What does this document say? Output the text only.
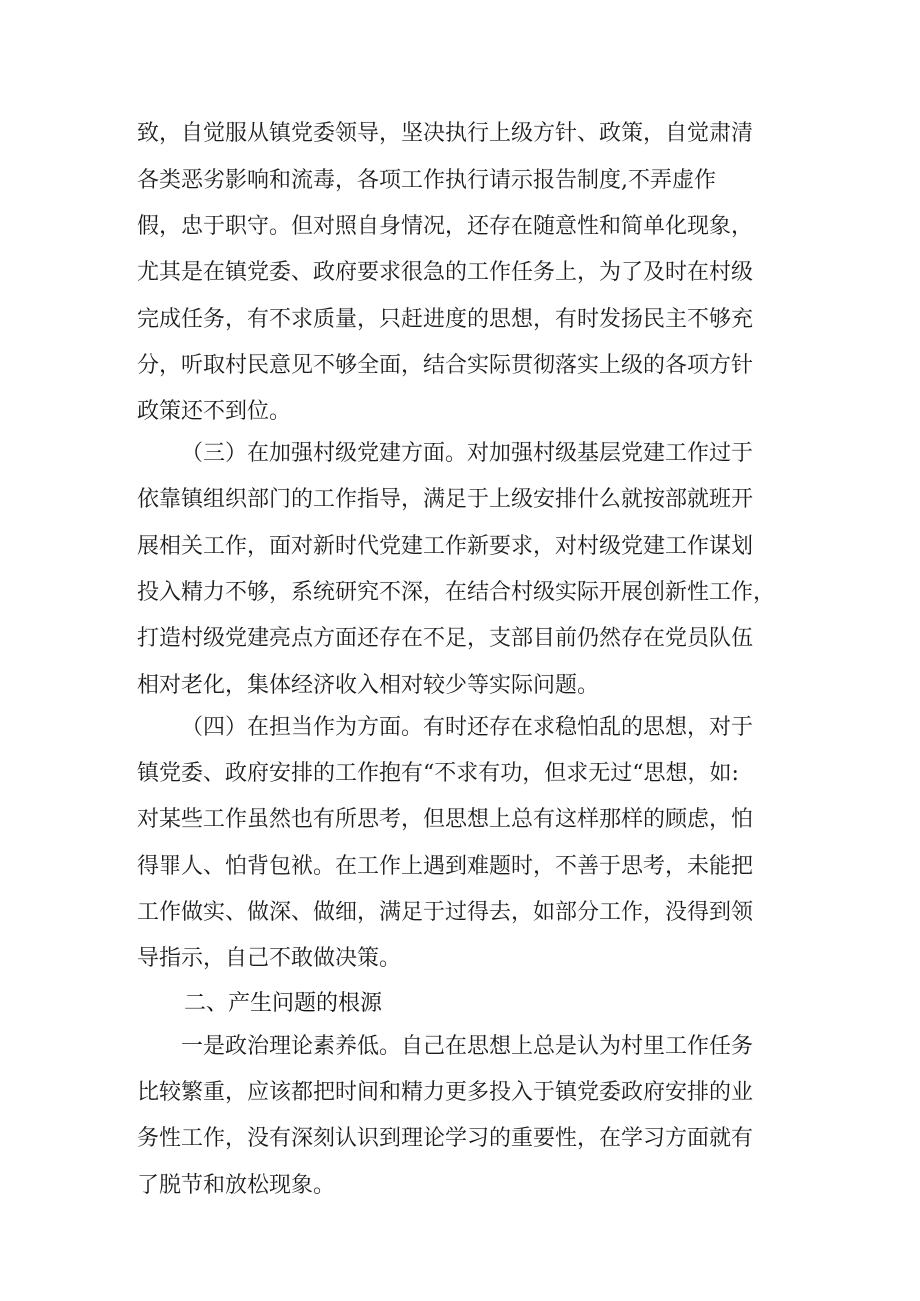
致，自觉服从镇党委领导，坚决执行上级方针、政策，自觉肃清
各类恶劣影响和流毒，各项工作执行请示报告制度,不弄虚作
假，忠于职守。但对照自身情况，还存在随意性和简单化现象，
尤其是在镇党委、政府要求很急的工作任务上，为了及时在村级
完成任务，有不求质量，只赶进度的思想，有时发扬民主不够充
分，听取村民意见不够全面，结合实际贯彻落实上级的各项方针
政策还不到位。
（三）在加强村级党建方面。对加强村级基层党建工作过于
依靠镇组织部门的工作指导，满足于上级安排什么就按部就班开
展相关工作，面对新时代党建工作新要求，对村级党建工作谋划
投入精力不够，系统研究不深，在结合村级实际开展创新性工作，
打造村级党建亮点方面还存在不足，支部目前仍然存在党员队伍
相对老化，集体经济收入相对较少等实际问题。
（四）在担当作为方面。有时还存在求稳怕乱的思想，对于
镇党委、政府安排的工作抱有“不求有功，但求无过“思想，如:
对某些工作虽然也有所思考，但思想上总有这样那样的顾虑，怕
得罪人、怕背包袱。在工作上遇到难题时，不善于思考，未能把
工作做实、做深、做细，满足于过得去，如部分工作，没得到领
导指示，自己不敢做决策。
二、产生问题的根源
一是政治理论素养低。自己在思想上总是认为村里工作任务
比较繁重，应该都把时间和精力更多投入于镇党委政府安排的业
务性工作，没有深刻认识到理论学习的重要性，在学习方面就有
了脱节和放松现象。
